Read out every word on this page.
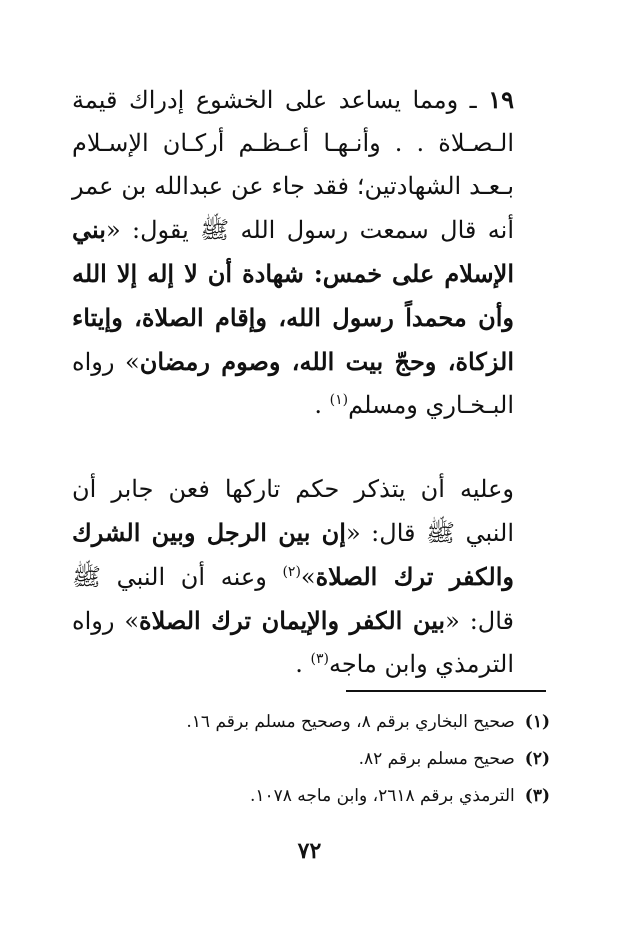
١٩ ـ ومما يساعد على الخشوع إدراك قيمة الـصـلاة . . وأنـهـا أعـظـم أركـان الإسـلام بـعـد الشهادتين؛ فقد جاء عن عبدالله بن عمر أنه قال سمعت رسول الله ﷺ يقول: «بني الإسلام على خمس: شهادة أن لا إله إلا الله وأن محمداً رسول الله، وإقام الصلاة، وإيتاء الزكاة، وحجّ بيت الله، وصوم رمضان» رواه البـخـاري ومسلم$^{(١)}$ .
وعليه أن يتذكر حكم تاركها فعن جابر أن النبي ﷺ قال: «إن بين الرجل وبين الشرك والكفر ترك الصلاة»$^{(٢)}$ وعنه أن النبي ﷺ قال: «بين الكفر والإيمان ترك الصلاة» رواه الترمذي وابن ماجه$^{(٣)}$ .
(١)صحيح البخاري برقم ٨، وصحيح مسلم برقم ١٦.
(٢)صحيح مسلم برقم ٨٢.
(٣)الترمذي برقم ٢٦١٨، وابن ماجه ١٠٧٨.
٧٢
